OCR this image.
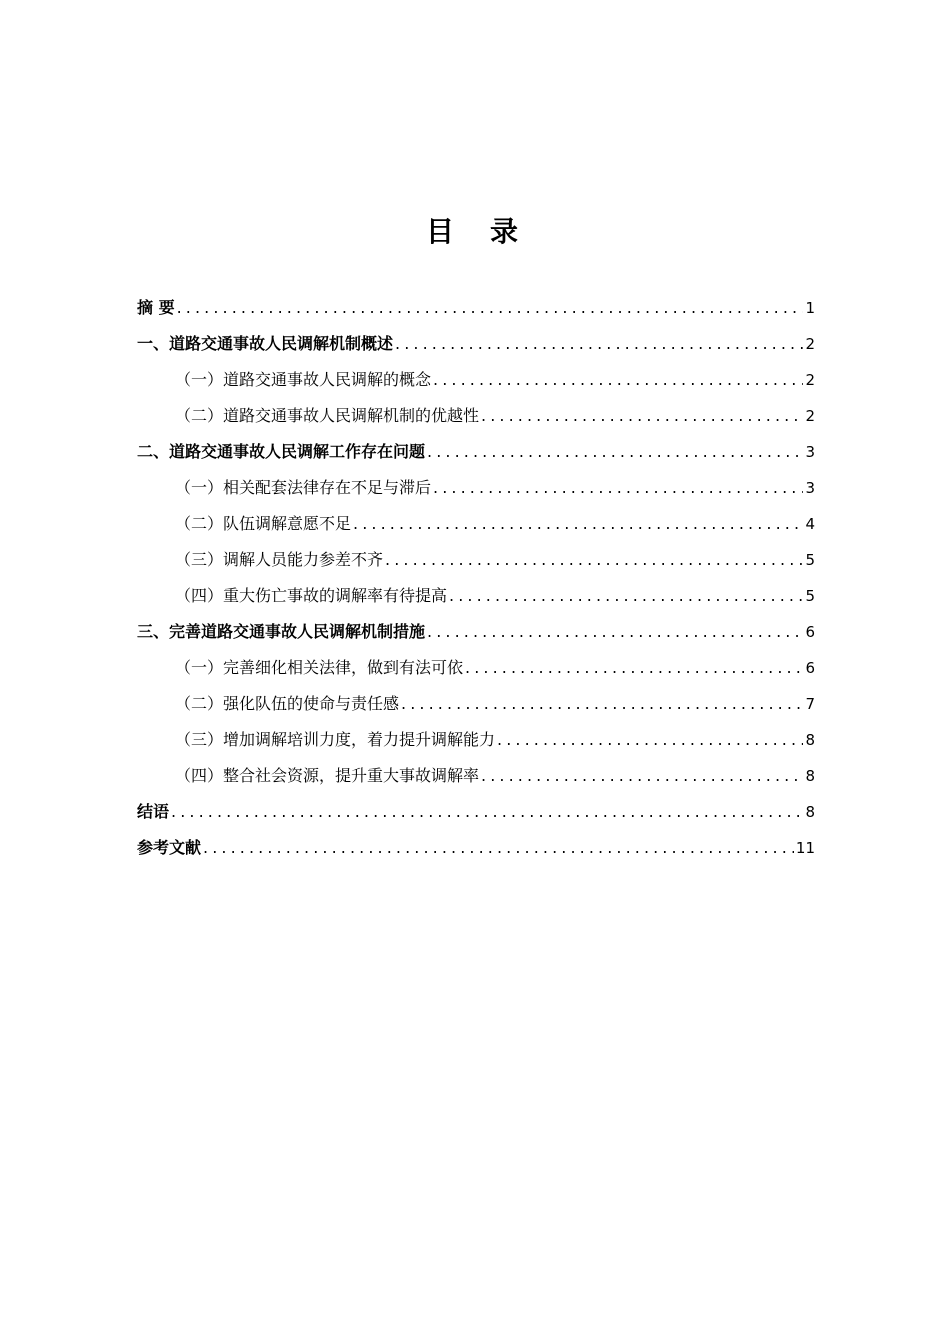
目 录
摘 要 .....	1
一、道路交通事故人民调解机制概述 .....	2
（一）道路交通事故人民调解的概念 .....	2
（二）道路交通事故人民调解机制的优越性 .....	2
二、道路交通事故人民调解工作存在问题 .....	3
（一）相关配套法律存在不足与滞后 .....	3
（二）队伍调解意愿不足 .....	4
（三）调解人员能力参差不齐 .....	5
（四）重大伤亡事故的调解率有待提高 .....	5
三、完善道路交通事故人民调解机制措施 .....	6
（一）完善细化相关法律，做到有法可依 .....	6
（二）强化队伍的使命与责任感 .....	7
（三）增加调解培训力度，着力提升调解能力 .....	8
（四）整合社会资源，提升重大事故调解率 .....	8
结语 .....	8
参考文献 .....	11
